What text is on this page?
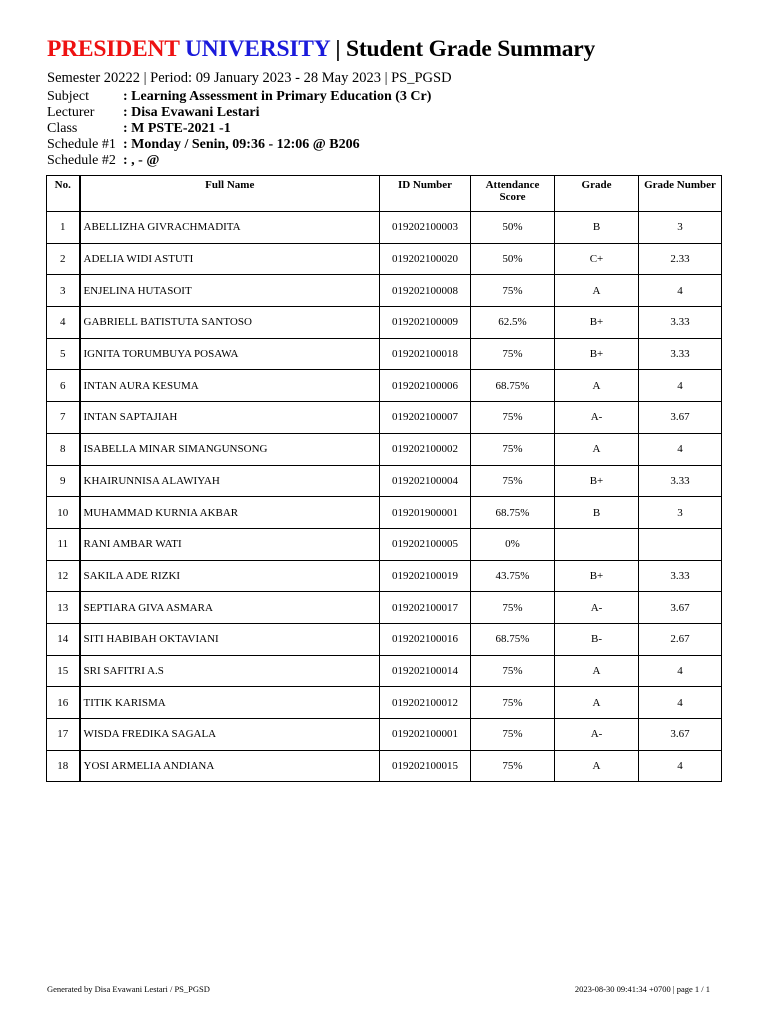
PRESIDENT UNIVERSITY | Student Grade Summary
Semester 20222 | Period: 09 January 2023 - 28 May 2023 | PS_PGSD
Subject : Learning Assessment in Primary Education (3 Cr)
Lecturer : Disa Evawani Lestari
Class	: M PSTE-2021 -1
Schedule #1 : Monday / Senin, 09:36 - 12:06 @ B206
Schedule #2 : , - @
No.	Full Name	ID Number	Attendance Score	Grade	Grade Number
1	ABELLIZHA GIVRACHMADITA	019202100003	50%	B	3
2	ADELIA WIDI ASTUTI	019202100020	50%	C+	2.33
3	ENJELINA HUTASOIT	019202100008	75%	A	4
4	GABRIELL BATISTUTA SANTOSO	019202100009	62.5%	B+	3.33
5	IGNITA TORUMBUYA POSAWA	019202100018	75%	B+	3.33
6	INTAN AURA KESUMA	019202100006	68.75%	A	4
7	INTAN SAPTAJIAH	019202100007	75%	A-	3.67
8	ISABELLA MINAR SIMANGUNSONG	019202100002	75%	A	4
9	KHAIRUNNISA ALAWIYAH	019202100004	75%	B+	3.33
10	MUHAMMAD KURNIA AKBAR	019201900001	68.75%	B	3
11	RANI AMBAR WATI	019202100005	0%		
12	SAKILA ADE RIZKI	019202100019	43.75%	B+	3.33
13	SEPTIARA GIVA ASMARA	019202100017	75%	A-	3.67
14	SITI HABIBAH OKTAVIANI	019202100016	68.75%	B-	2.67
15	SRI SAFITRI A.S	019202100014	75%	A	4
16	TITIK KARISMA	019202100012	75%	A	4
17	WISDA FREDIKA SAGALA	019202100001	75%	A-	3.67
18	YOSI ARMELIA ANDIANA	019202100015	75%	A	4
Generated by Disa Evawani Lestari / PS_PGSD	2023-08-30 09:41:34 +0700 | page 1 / 1
